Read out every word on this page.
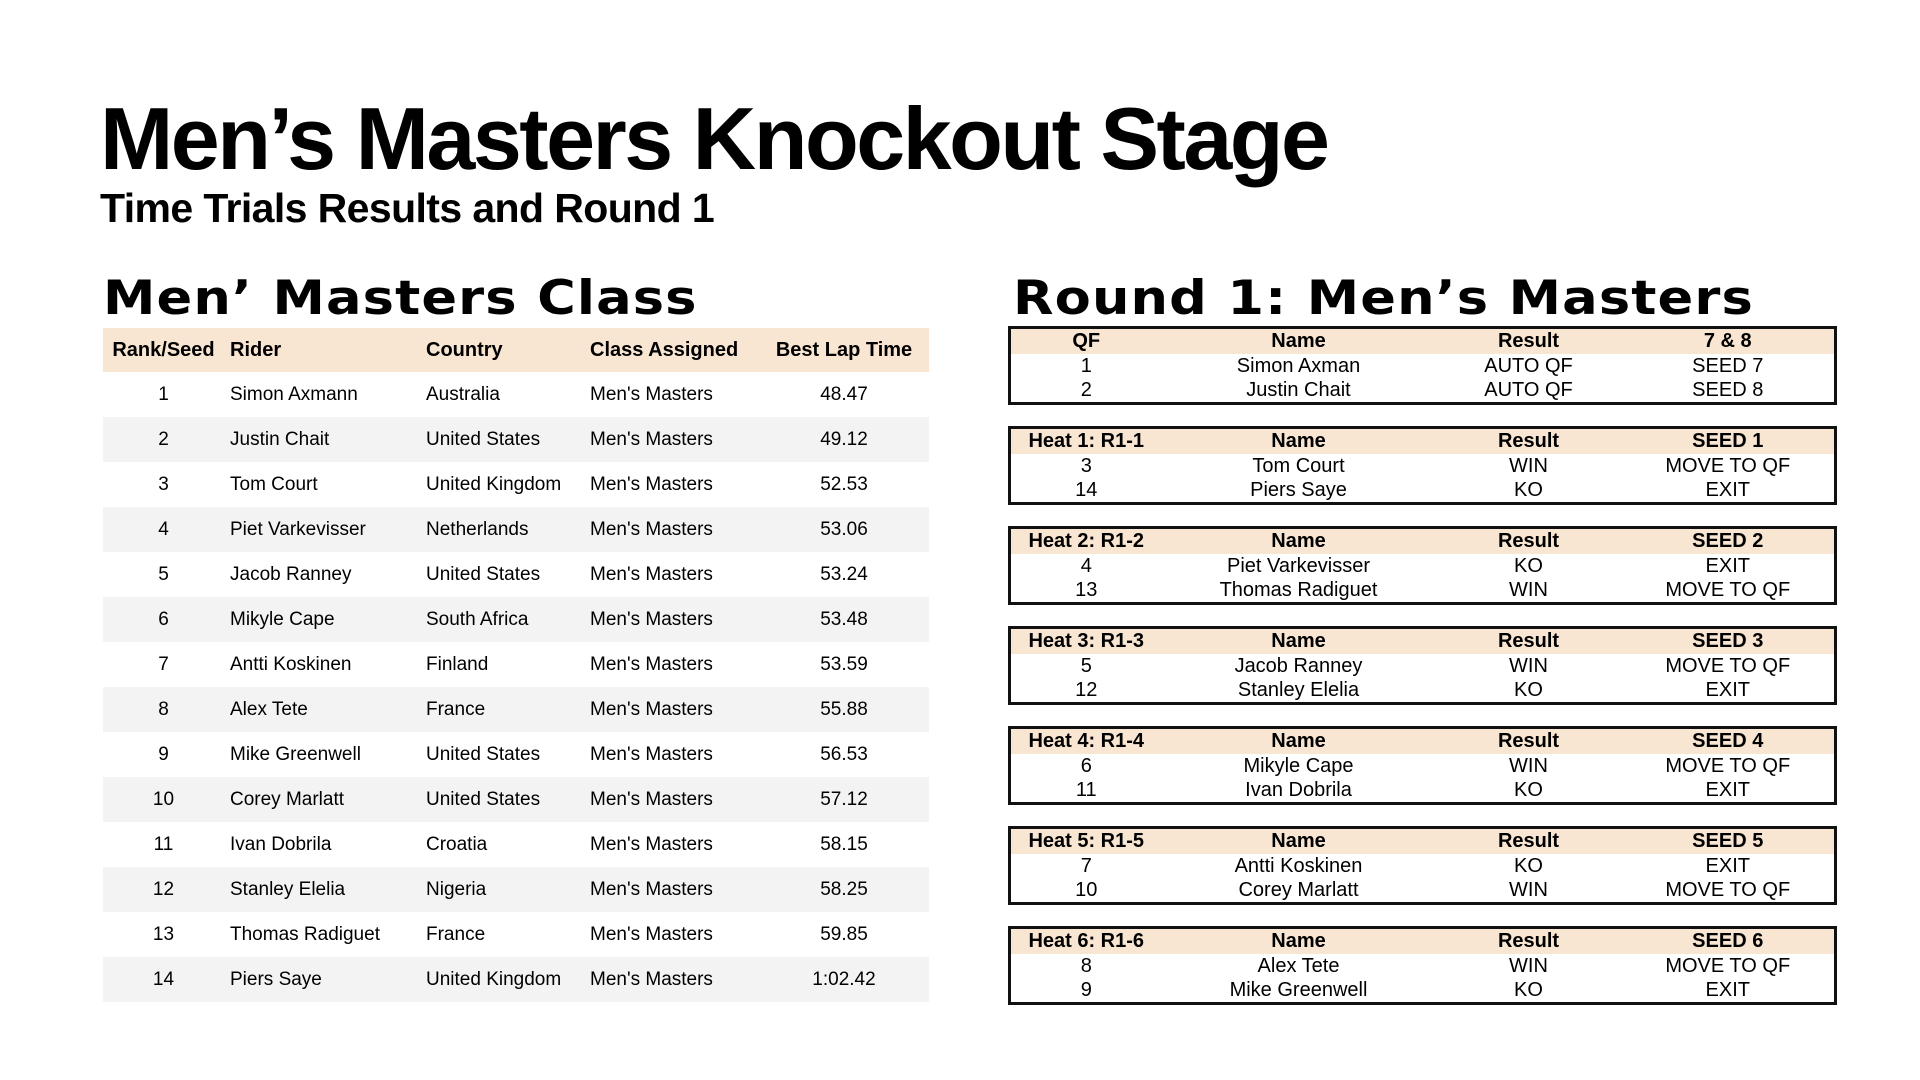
Men’s Masters Knockout Stage
Time Trials Results and Round 1
Men’ Masters Class	Round 1: Men’s Masters
Rank/Seed	Rider	Country	Class Assigned	Best Lap Time
1	Simon Axmann	Australia	Men's Masters	48.47
2	Justin Chait	United States	Men's Masters	49.12
3	Tom Court	United Kingdom	Men's Masters	52.53
4	Piet Varkevisser	Netherlands	Men's Masters	53.06
5	Jacob Ranney	United States	Men's Masters	53.24
6	Mikyle Cape	South Africa	Men's Masters	53.48
7	Antti Koskinen	Finland	Men's Masters	53.59
8	Alex Tete	France	Men's Masters	55.88
9	Mike Greenwell	United States	Men's Masters	56.53
10	Corey Marlatt	United States	Men's Masters	57.12
11	Ivan Dobrila	Croatia	Men's Masters	58.15
12	Stanley Elelia	Nigeria	Men's Masters	58.25
13	Thomas Radiguet	France	Men's Masters	59.85
14	Piers Saye	United Kingdom	Men's Masters	1:02.42
QF	Name	Result	7 & 8
1	Simon Axman	AUTO QF	SEED 7
2	Justin Chait	AUTO QF	SEED 8
Heat 1: R1-1	Name	Result	SEED 1
3	Tom Court	WIN	MOVE TO QF
14	Piers Saye	KO	EXIT
Heat 2: R1-2	Name	Result	SEED 2
4	Piet Varkevisser	KO	EXIT
13	Thomas Radiguet	WIN	MOVE TO QF
Heat 3: R1-3	Name	Result	SEED 3
5	Jacob Ranney	WIN	MOVE TO QF
12	Stanley Elelia	KO	EXIT
Heat 4: R1-4	Name	Result	SEED 4
6	Mikyle Cape	WIN	MOVE TO QF
11	Ivan Dobrila	KO	EXIT
Heat 5: R1-5	Name	Result	SEED 5
7	Antti Koskinen	KO	EXIT
10	Corey Marlatt	WIN	MOVE TO QF
Heat 6: R1-6	Name	Result	SEED 6
8	Alex Tete	WIN	MOVE TO QF
9	Mike Greenwell	KO	EXIT
